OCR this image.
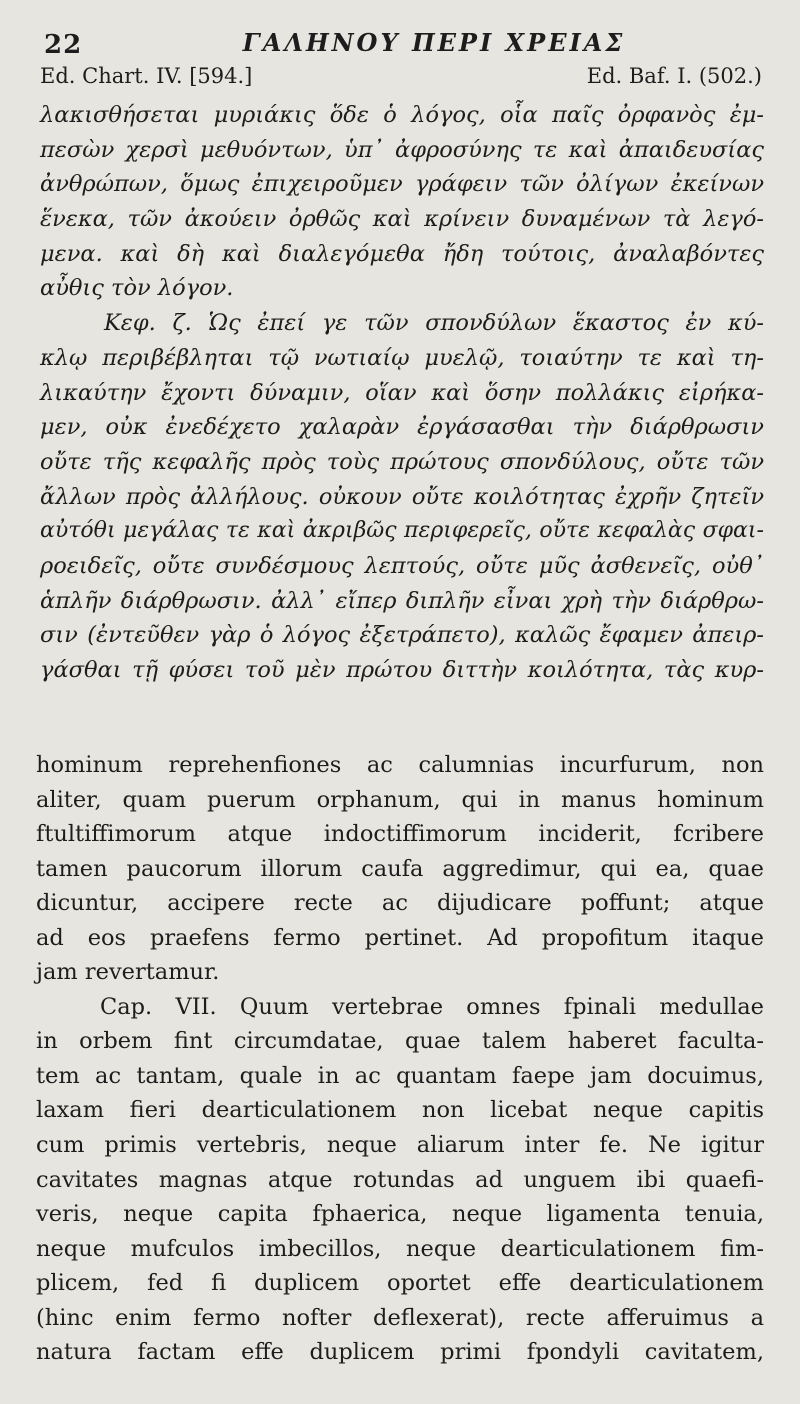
22	ΓΑΛΗΝΟΥ ΠΕΡΙ ΧΡΕΙΑΣ
Ed. Chart. IV. [594.]	Ed. Baf. I. (502.)
λακισθήσεται μυριάκις ὅδε ὁ λόγος, οἷα παῖς ὀρφανὸς ἐμ-
πεσὼν χερσὶ μεθυόντων, ὑπ᾽ ἀφροσύνης τε καὶ ἀπαιδευσίας
ἀνθρώπων, ὅμως ἐπιχειροῦμεν γράφειν τῶν ὀλίγων ἐκείνων
ἕνεκα, τῶν ἀκούειν ὀρθῶς καὶ κρίνειν δυναμένων τὰ λεγό-
μενα. καὶ δὴ καὶ διαλεγόμεθα ἤδη τούτοις, ἀναλαβόντες
αὖθις τὸν λόγον.
Κεφ. ζ. Ὡς ἐπεί γε τῶν σπονδύλων ἕκαστος ἐν κύ-
κλῳ περιβέβληται τῷ νωτιαίῳ μυελῷ, τοιαύτην τε καὶ τη-
λικαύτην ἔχοντι δύναμιν, οἵαν καὶ ὅσην πολλάκις εἰρήκα-
μεν, οὐκ ἐνεδέχετο χαλαρὰν ἐργάσασθαι τὴν διάρθρωσιν
οὔτε τῆς κεφαλῆς πρὸς τοὺς πρώτους σπονδύλους, οὔτε τῶν
ἄλλων πρὸς ἀλλήλους. οὐκουν οὔτε κοιλότητας ἐχρῆν ζητεῖν
αὐτόθι μεγάλας τε καὶ ἀκριβῶς περιφερεῖς, οὔτε κεφαλὰς σφαι-
ροειδεῖς, οὔτε συνδέσμους λεπτούς, οὔτε μῦς ἀσθενεῖς, οὐθ᾽
ἁπλῆν διάρθρωσιν. ἀλλ᾽ εἴπερ διπλῆν εἶναι χρὴ τὴν διάρθρω-
σιν (ἐντεῦθεν γὰρ ὁ λόγος ἐξετράπετο), καλῶς ἔφαμεν ἀπειρ-
γάσθαι τῇ φύσει τοῦ μὲν πρώτου διττὴν κοιλότητα, τὰς κυρ-
hominum reprehenfiones ac calumnias incurfurum, non
aliter, quam puerum orphanum, qui in manus hominum
ftultiffimorum atque indoctiffimorum inciderit, fcribere
tamen paucorum illorum caufa aggredimur, qui ea, quae
dicuntur, accipere recte ac dijudicare poffunt; atque
ad eos praefens fermo pertinet. Ad propofitum itaque
jam revertamur.
Cap. VII. Quum vertebrae omnes fpinali medullae
in orbem fint circumdatae, quae talem haberet faculta-
tem ac tantam, quale in ac quantam faepe jam docuimus,
laxam fieri dearticulationem non licebat neque capitis
cum primis vertebris, neque aliarum inter fe. Ne igitur
cavitates magnas atque rotundas ad unguem ibi quaefi-
veris, neque capita fphaerica, neque ligamenta tenuia,
neque mufculos imbecillos, neque dearticulationem fim-
plicem, fed fi duplicem oportet effe dearticulationem
(hinc enim fermo nofter deflexerat), recte afferuimus a
natura factam effe duplicem primi fpondyli cavitatem,
